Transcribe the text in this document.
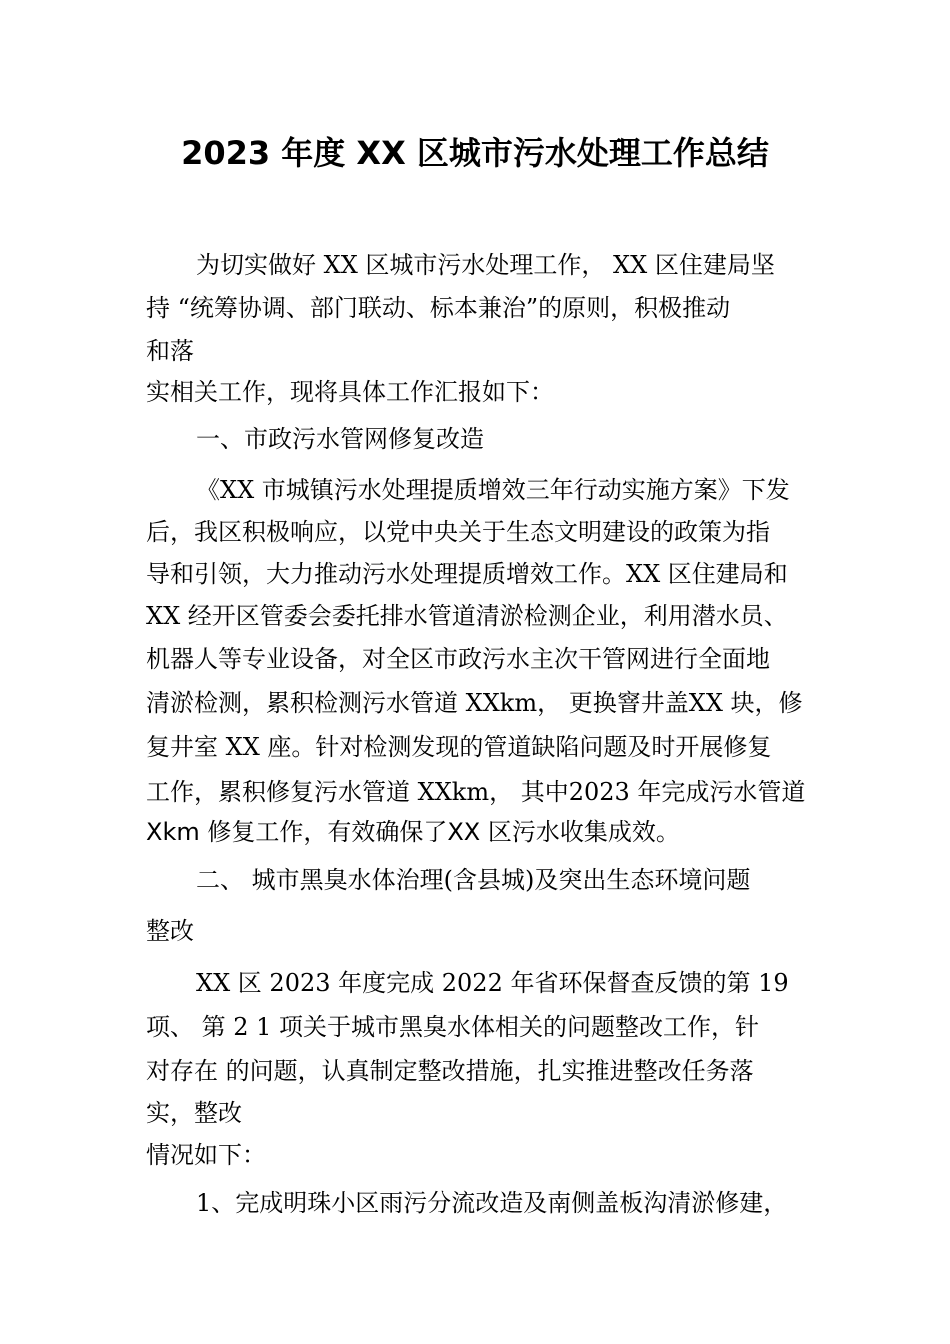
2023 年度 XX 区城市污水处理工作总结
为切实做好 XX 区城市污水处理工作， XX 区住建局坚
持 “统筹协调、部门联动、标本兼治”的原则，积极推动
和落
实相关工作，现将具体工作汇报如下：
一、市政污水管网修复改造
《XX 市城镇污水处理提质增效三年行动实施方案》下发
后，我区积极响应，以党中央关于生态文明建设的政策为指
导和引领，大力推动污水处理提质增效工作。XX 区住建局和
XX 经开区管委会委托排水管道清淤检测企业，利用潜水员、
机器人等专业设备，对全区市政污水主次干管网进行全面地
清淤检测，累积检测污水管道 XXkm， 更换窨井盖XX 块，修
复井室 XX 座。针对检测发现的管道缺陷问题及时开展修复
工作，累积修复污水管道 XXkm， 其中2023 年完成污水管道
Xkm 修复工作，有效确保了XX 区污水收集成效。
二、 城市黑臭水体治理(含县城)及突出生态环境问题
整改
XX 区 2023 年度完成 2022 年省环保督查反馈的第 19
项、 第 2 1 项关于城市黑臭水体相关的问题整改工作，针
对存在 的问题，认真制定整改措施，扎实推进整改任务落
实，整改
情况如下：
1、完成明珠小区雨污分流改造及南侧盖板沟清淤修建，
